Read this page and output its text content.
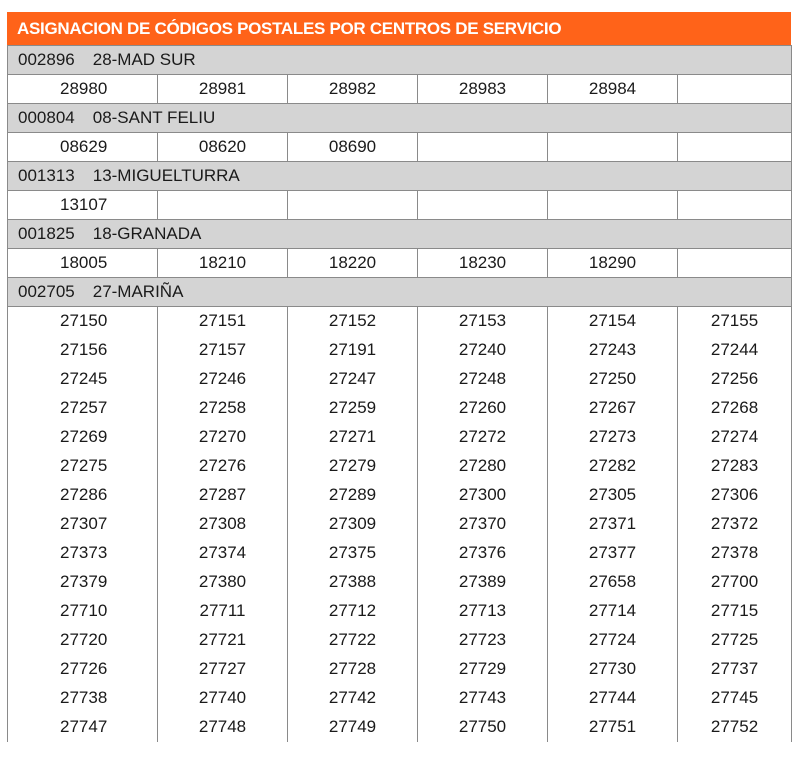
ASIGNACION DE CÓDIGOS POSTALES POR CENTROS DE SERVICIO
002896 28-MAD SUR					
28980	28981	28982	28983	28984	
000804 08-SANT FELIU					
08629	08620	08690			
001313 13-MIGUELTURRA					
13107					
001825 18-GRANADA					
18005	18210	18220	18230	18290	
002705 27-MARIÑA					
27150	27151	27152	27153	27154	27155
27156	27157	27191	27240	27243	27244
27245	27246	27247	27248	27250	27256
27257	27258	27259	27260	27267	27268
27269	27270	27271	27272	27273	27274
27275	27276	27279	27280	27282	27283
27286	27287	27289	27300	27305	27306
27307	27308	27309	27370	27371	27372
27373	27374	27375	27376	27377	27378
27379	27380	27388	27389	27658	27700
27710	27711	27712	27713	27714	27715
27720	27721	27722	27723	27724	27725
27726	27727	27728	27729	27730	27737
27738	27740	27742	27743	27744	27745
27747	27748	27749	27750	27751	27752
